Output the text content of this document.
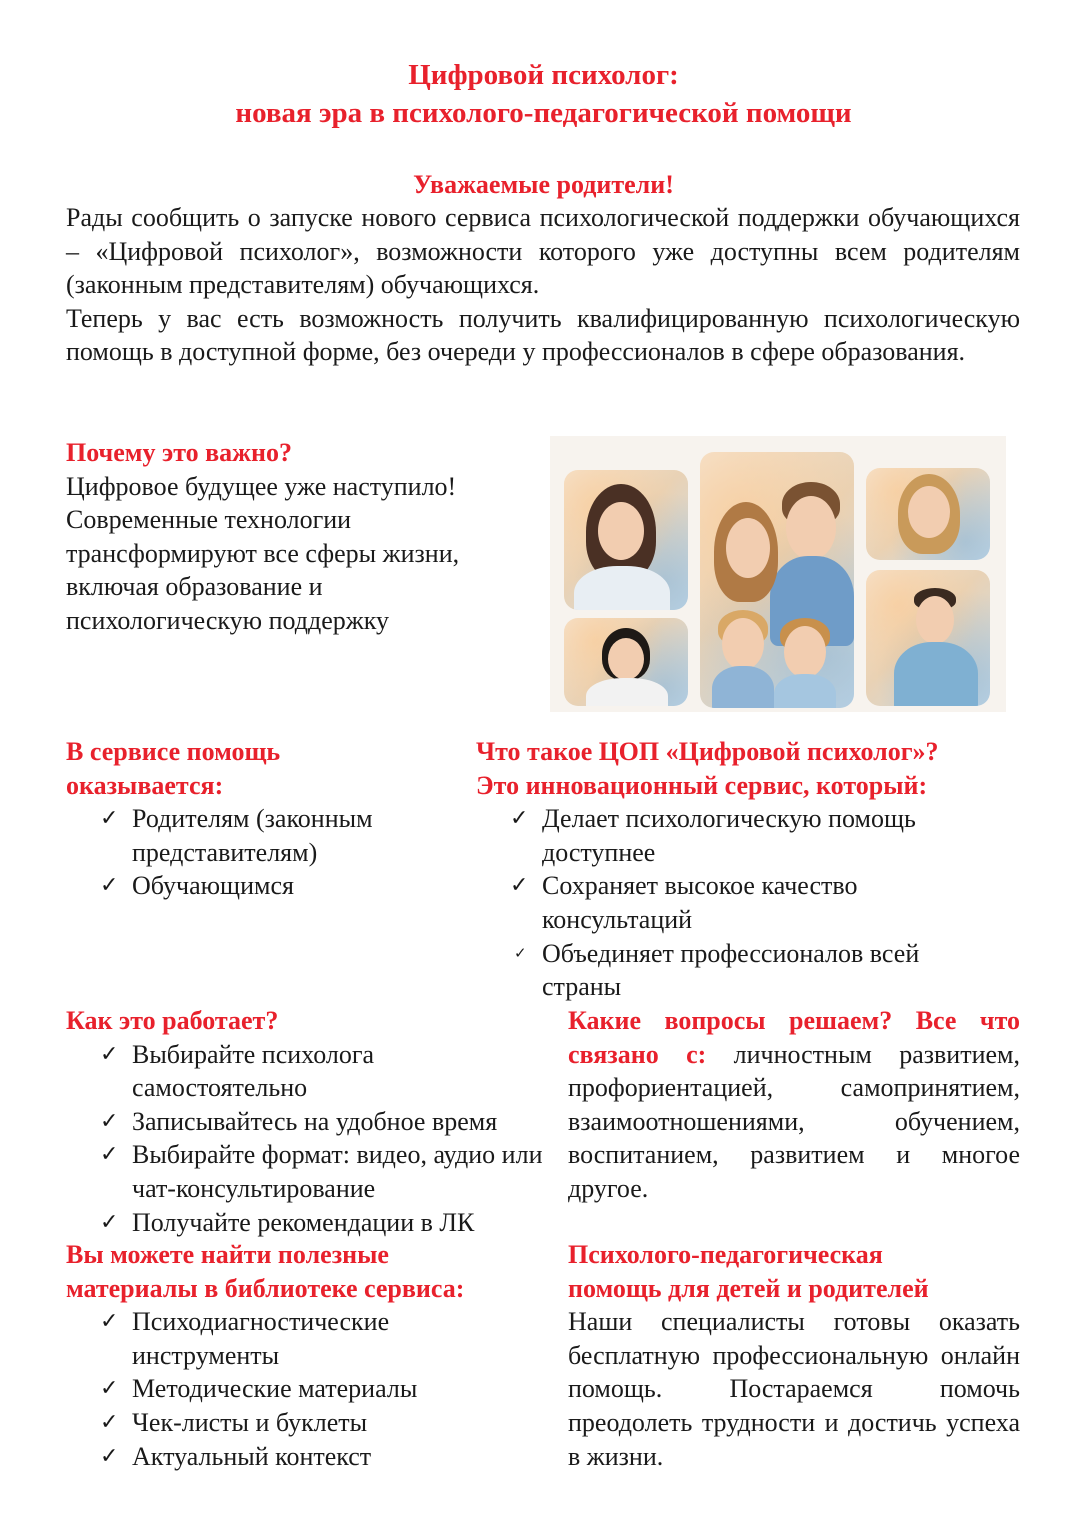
Цифровой психолог:
новая эра в психолого-педагогической помощи
Уважаемые родители!

Рады сообщить о запуске нового сервиса психологической поддержки обучающихся – «Цифровой психолог», возможности которого уже доступны всем родителям (законным представителям) обучающихся.

Теперь у вас есть возможность получить квалифицированную психологическую помощь в доступной форме, без очереди у профессионалов в сфере образования.

Почему это важно?
Цифровое будущее уже наступило!
Современные технологии
трансформируют все сферы жизни,
включая образование и
психологическую поддержку
В сервисе помощь
оказывается:
✓ Родителям (законным представителям)
✓ Обучающимся
Что такое ЦОП «Цифровой психолог»?
Это инновационный сервис, который:
✓ Делает психологическую помощь доступнее
✓ Сохраняет высокое качество консультаций
✓ Объединяет профессионалов всей страны
Как это работает?
✓ Выбирайте психолога самостоятельно
✓ Записывайтесь на удобное время
✓ Выбирайте формат: видео, аудио или чат-консультирование
✓ Получайте рекомендации в ЛК
Какие вопросы решаем? Все что связано с: личностным развитием, профориентацией, самопринятием, взаимоотношениями, обучением, воспитанием, развитием и многое другое.
Вы можете найти полезные
материалы в библиотеке сервиса:
✓ Психодиагностические инструменты
✓ Методические материалы
✓ Чек-листы и буклеты
✓ Актуальный контекст
Психолого-педагогическая
помощь для детей и родителей
Наши специалисты готовы оказать бесплатную профессиональную онлайн помощь. Постараемся помочь преодолеть трудности и достичь успеха в жизни.
